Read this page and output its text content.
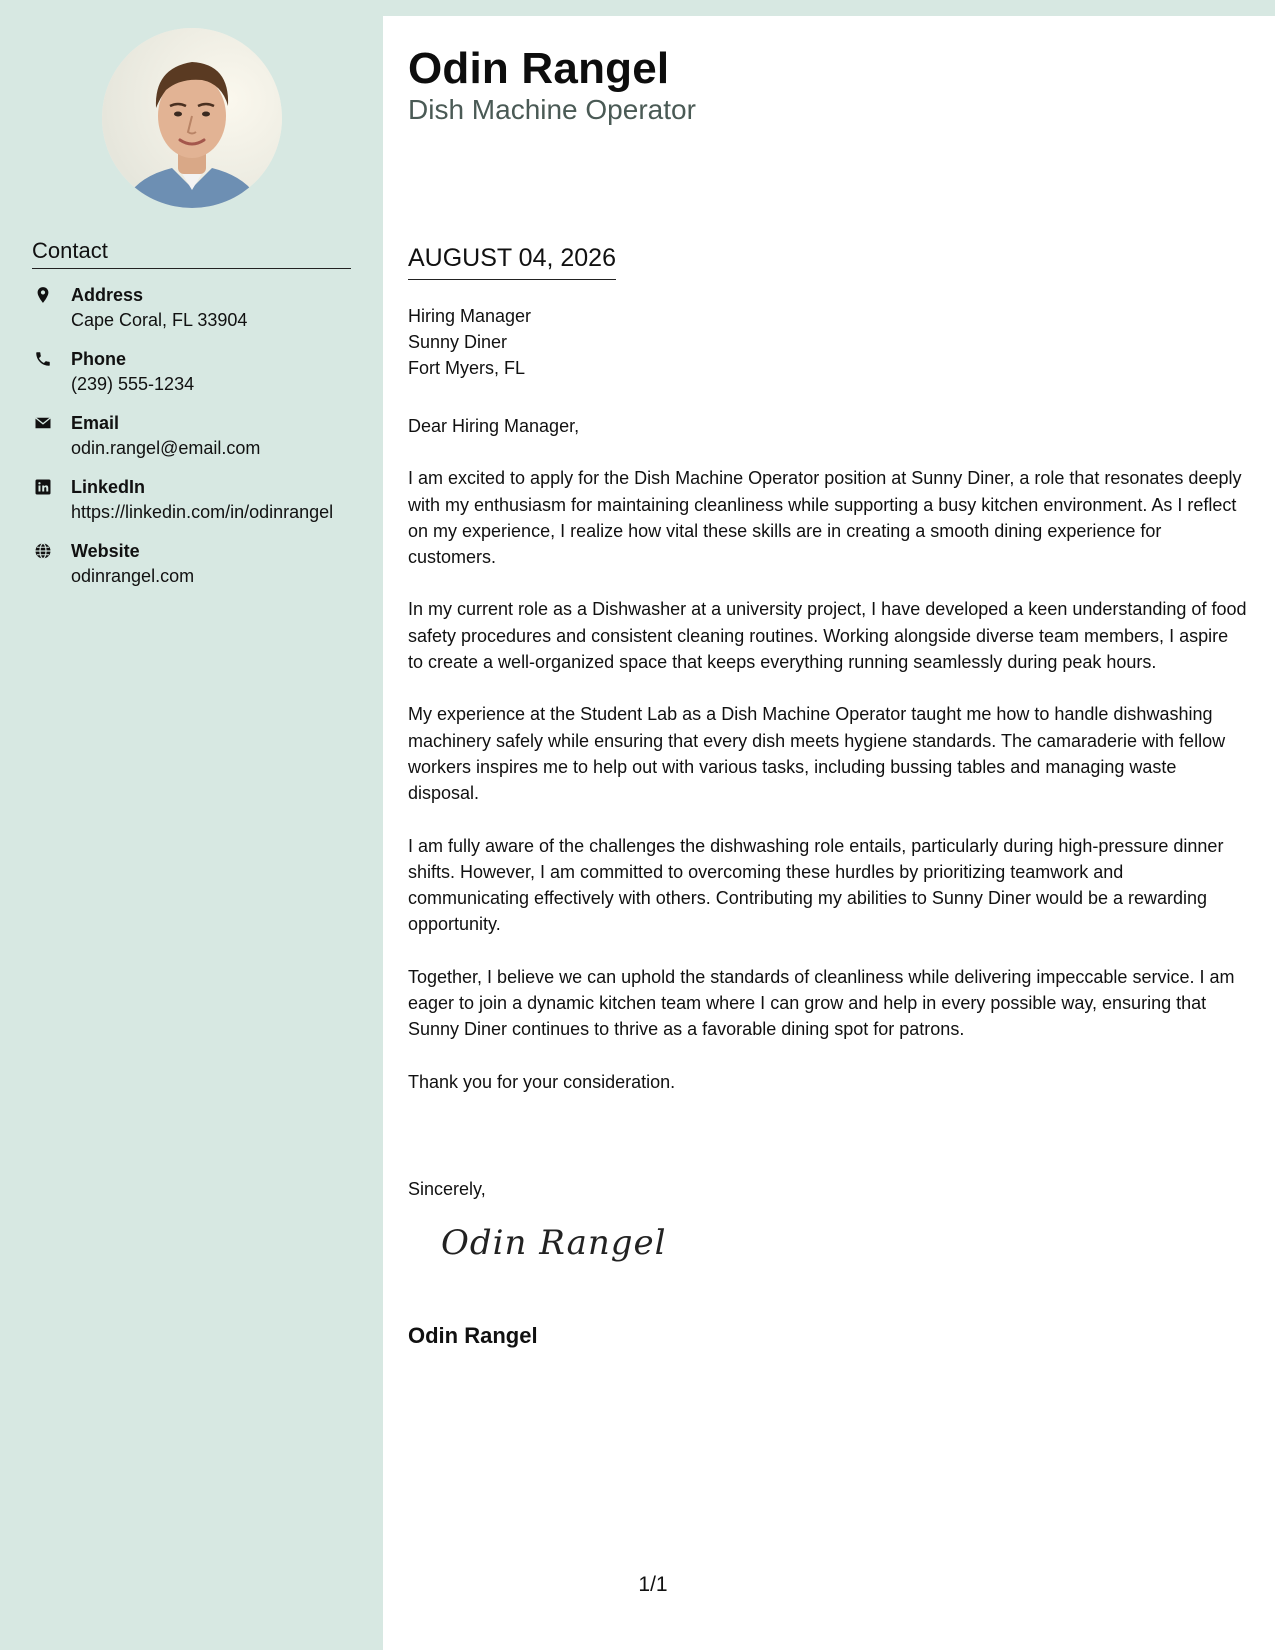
Contact
Address
Cape Coral, FL 33904
Phone
(239) 555-1234
Email
odin.rangel@email.com
LinkedIn
https://linkedin.com/in/odinrangel
Website
odinrangel.com
Odin Rangel
Dish Machine Operator
AUGUST 04, 2026
Hiring Manager
Sunny Diner
Fort Myers, FL

Dear Hiring Manager,

I am excited to apply for the Dish Machine Operator position at Sunny Diner, a role that resonates deeply with my enthusiasm for maintaining cleanliness while supporting a busy kitchen environment. As I reflect on my experience, I realize how vital these skills are in creating a smooth dining experience for customers.

In my current role as a Dishwasher at a university project, I have developed a keen understanding of food safety procedures and consistent cleaning routines. Working alongside diverse team members, I aspire to create a well-organized space that keeps everything running seamlessly during peak hours.

My experience at the Student Lab as a Dish Machine Operator taught me how to handle dishwashing machinery safely while ensuring that every dish meets hygiene standards. The camaraderie with fellow workers inspires me to help out with various tasks, including bussing tables and managing waste disposal.

I am fully aware of the challenges the dishwashing role entails, particularly during high-pressure dinner shifts. However, I am committed to overcoming these hurdles by prioritizing teamwork and communicating effectively with others. Contributing my abilities to Sunny Diner would be a rewarding opportunity.

Together, I believe we can uphold the standards of cleanliness while delivering impeccable service. I am eager to join a dynamic kitchen team where I can grow and help in every possible way, ensuring that Sunny Diner continues to thrive as a favorable dining spot for patrons.

Thank you for your consideration.

Sincerely,
Odin Rangel
Odin Rangel
1/1
